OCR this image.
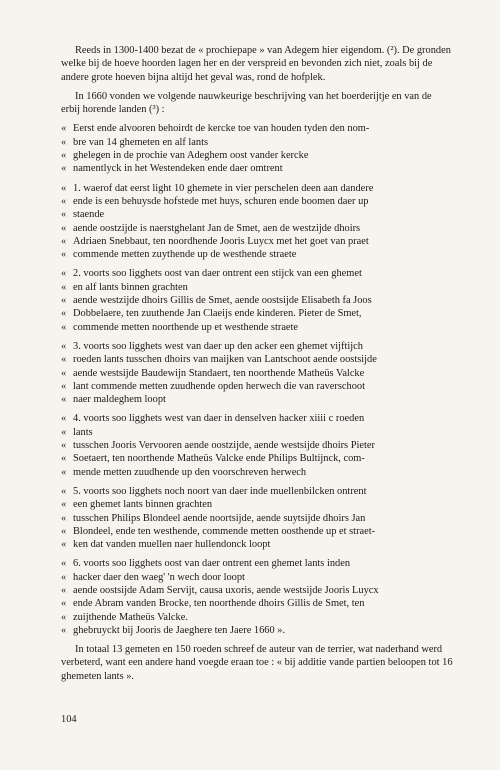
Reeds in 1300-1400 bezat de « prochiepape » van Adegem hier eigendom. (²). De gronden welke bij de hoeve hoorden lagen her en der verspreid en bevonden zich niet, zoals bij de andere grote hoeven bijna altijd het geval was, rond de hofplek.

In 1660 vonden we volgende nauwkeurige beschrijving van het boerderijtje en van de erbij horende landen (³) :

« Eerst ende alvooren behoirdt de kercke toe van houden tyden den nom-
« bre van 14 ghemeten en alf lants
« ghelegen in de prochie van Adeghem oost vander kercke
« namentlyck in het Westendeken ende daer omtrent
« 1. waerof dat eerst light 10 ghemete in vier perschelen deen aan dandere
« ende is een behuysde hofstede met huys, schuren ende boomen daer up
« staende
« aende oostzijde is naerstghelant Jan de Smet, aen de westzijde dhoirs
« Adriaen Snebbaut, ten noordhende Jooris Luycx met het goet van praet
« commende metten zuythende up de westhende straete
« 2. voorts soo ligghets oost van daer ontrent een stijck van een ghemet
« en alf lants binnen grachten
« aende westzijde dhoirs Gillis de Smet, aende oostsijde Elisabeth fa Joos
« Dobbelaere, ten zuuthende Jan Claeijs ende kinderen. Pieter de Smet,
« commende metten noorthende up et westhende straete
« 3. voorts soo ligghets west van daer up den acker een ghemet vijftijch
« roeden lants tusschen dhoirs van maijken van Lantschoot aende oostsijde
« aende westsijde Baudewijn Standaert, ten noorthende Matheüs Valcke
« lant commende metten zuudhende opden herwech die van raverschoot
« naer maldeghem loopt
« 4. voorts soo ligghets west van daer in denselven hacker xiiii c roeden
« lants
« tusschen Jooris Vervooren aende oostzijde, aende westsijde dhoirs Pieter
« Soetaert, ten noorthende Matheüs Valcke ende Philips Bultijnck, com-
« mende metten zuudhende up den voorschreven herwech
« 5. voorts soo ligghets noch noort van daer inde muellenbilcken ontrent
« een ghemet lants binnen grachten
« tusschen Philips Blondeel aende noortsijde, aende suytsijde dhoirs Jan
« Blondeel, ende ten westhende, commende metten oosthende up et straet-
« ken dat vanden muellen naer hullendonck loopt
« 6. voorts soo ligghets oost van daer ontrent een ghemet lants inden
« hacker daer den waeg' 'n wech door loopt
« aende oostsijde Adam Servijt, causa uxoris, aende westsijde Jooris Luycx
« ende Abram vanden Brocke, ten noorthende dhoirs Gillis de Smet, ten
« zuijthende Matheüs Valcke.
« ghebruyckt bij Jooris de Jaeghere ten Jaere 1660 ».

In totaal 13 gemeten en 150 roeden schreef de auteur van de terrier, wat naderhand werd verbeterd, want een andere hand voegde eraan toe : « bij additie vande partien beloopen tot 16 ghemeten lants ».

104
